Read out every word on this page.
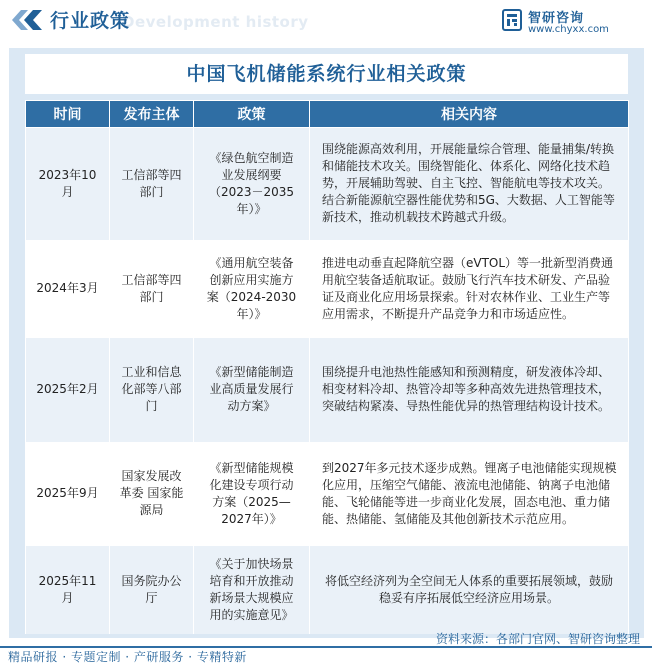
Development history
行业政策	智研咨询
www.chyxx.com
中国飞机储能系统行业相关政策
时间	发布主体	政策	相关内容
2023年10月	工信部等四部门	《绿色航空制造业发展纲要（2023－2035年）》	围绕能源高效利用，开展能量综合管理、能量捕集/转换和储能技术攻关。围绕智能化、体系化、网络化技术趋势，开展辅助驾驶、自主飞控、智能航电等技术攻关。结合新能源航空器性能优势和5G、大数据、人工智能等新技术，推动机载技术跨越式升级。
2024年3月	工信部等四部门	《通用航空装备创新应用实施方案（2024-2030年）》	推进电动垂直起降航空器（eVTOL）等一批新型消费通用航空装备适航取证。鼓励飞行汽车技术研发、产品验证及商业化应用场景探索。针对农林作业、工业生产等应用需求，不断提升产品竞争力和市场适应性。
2025年2月	工业和信息化部等八部门	《新型储能制造业高质量发展行动方案》	围绕提升电池热性能感知和预测精度，研发液体冷却、相变材料冷却、热管冷却等多种高效先进热管理技术，突破结构紧凑、导热性能优异的热管理结构设计技术。
2025年9月	国家发展改革委 国家能源局	《新型储能规模化建设专项行动方案（2025—2027年）》	到2027年多元技术逐步成熟。锂离子电池储能实现规模化应用，压缩空气储能、液流电池储能、钠离子电池储能、飞轮储能等进一步商业化发展，固态电池、重力储能、热储能、氢储能及其他创新技术示范应用。
2025年11月	国务院办公厅	《关于加快场景培育和开放推动新场景大规模应用的实施意见》	将低空经济列为全空间无人体系的重要拓展领域，鼓励稳妥有序拓展低空经济应用场景。
资料来源：各部门官网、智研咨询整理
精品研报 · 专题定制 · 产研服务 · 专精特新
